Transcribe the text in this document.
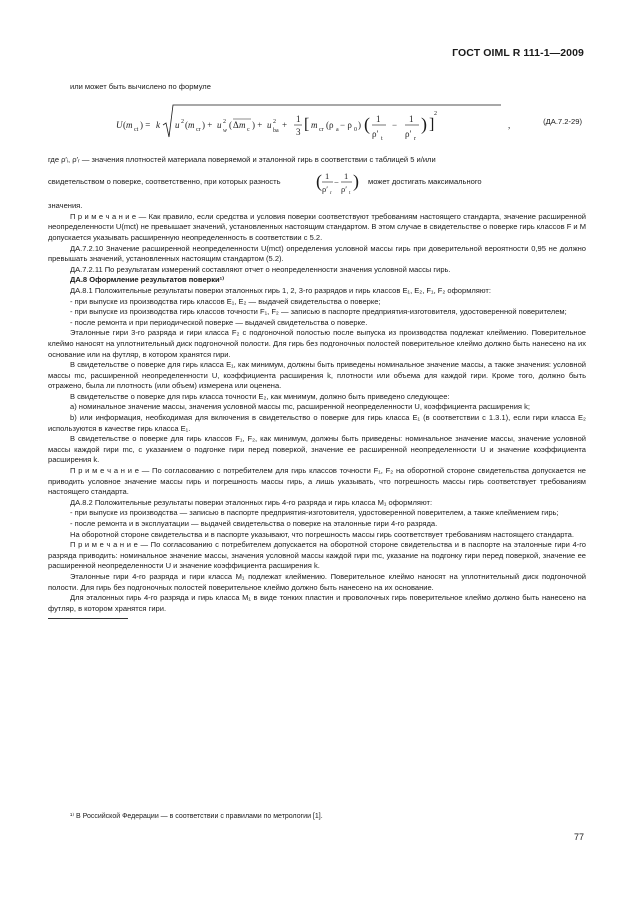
ГОСТ OIML R 111-1—2009

или может быть вычислено по формуле

U ( m ct ) = k u 2 ( m cr ) + u 2
w
( Δ m c ) + u 2
ba
+
1
3 [ m cr (ρ a − ρ 0 ) ( 1
ρ′ t
−
1
ρ′ r
) ]
2
,	(ДА.7.2-29)

где ρ′ᵢ, ρ′ᵣ — значения плотностей материала поверяемой и эталонной гирь в соответствии с таблицей 5 и/или

свидетельством о поверке, соответственно, при которых разность ( 1
ρ′ r
−
1
ρ′ t
) может достигать максимального

значения.

П р и м е ч а н и е — Как правило, если средства и условия поверки соответствуют требованиям настоящего стандарта, значение расширенной неопределенности U(mct) не превышает значений, установленных настоящим стандартом. В этом случае в свидетельстве о поверке гирь классов F и M допускается указывать расширенную неопределенность в соответствии с 5.2.

ДА.7.2.10 Значение расширенной неопределенности U(mct) определения условной массы гирь при доверительной вероятности 0,95 не должно превышать значений, установленных настоящим стандартом (5.2).

ДА.7.2.11 По результатам измерений составляют отчет о неопределенности значения условной массы гирь.

ДА.8 Оформление результатов поверки¹⁾

ДА.8.1 Положительные результаты поверки эталонных гирь 1, 2, 3-го разрядов и гирь классов E₁, E₂, F₁, F₂ оформляют:

- при выпуске из производства гирь классов E₁, E₂ — выдачей свидетельства о поверке;

- при выпуске из производства гирь классов точности F₁, F₂ — записью в паспорте предприятия-изготовителя, удостоверенной поверителем;

- после ремонта и при периодической поверке — выдачей свидетельства о поверке.

Эталонные гири 3-го разряда и гири класса F₂ с подгоночной полостью после выпуска из производства подлежат клеймению. Поверительное клеймо наносят на уплотнительный диск подгоночной полости. Для гирь без подгоночных полостей поверительное клеймо должно быть нанесено на их основание или на футляр, в котором хранятся гири.

В свидетельстве о поверке для гирь класса E₁, как минимум, должны быть приведены номинальное значение массы, а также значения: условной массы mc, расширенной неопределенности U, коэффициента расширения k, плотности или объема для каждой гири. Кроме того, должно быть отражено, была ли плотность (или объем) измерена или оценена.

В свидетельстве о поверке для гирь класса точности E₂, как минимум, должно быть приведено следующее:

а) номинальное значение массы, значения условной массы mc, расширенной неопределенности U, коэффициента расширения k;

b) или информация, необходимая для включения в свидетельство о поверке для гирь класса E₁ (в соответствии с 1.3.1), если гири класса E₂ используются в качестве гирь класса E₁.

В свидетельстве о поверке для гирь классов F₁, F₂, как минимум, должны быть приведены: номинальное значение массы, значение условной массы каждой гири mc, с указанием о подгонке гири перед поверкой, значение ее расширенной неопределенности U и значение коэффициента расширения k.

П р и м е ч а н и е — По согласованию с потребителем для гирь классов точности F₁, F₂ на оборотной стороне свидетельства допускается не приводить условное значение массы гирь и погрешность массы гирь, а лишь указывать, что погрешность массы гирь соответствует требованиям настоящего стандарта.

ДА.8.2 Положительные результаты поверки эталонных гирь 4-го разряда и гирь класса M₁ оформляют:

- при выпуске из производства — записью в паспорте предприятия-изготовителя, удостоверенной поверителем, а также клеймением гирь;

- после ремонта и в эксплуатации — выдачей свидетельства о поверке на эталонные гири 4-го разряда.

На оборотной стороне свидетельства и в паспорте указывают, что погрешность массы гирь соответствует требованиям настоящего стандарта.

П р и м е ч а н и е — По согласованию с потребителем допускается на оборотной стороне свидетельства и в паспорте на эталонные гири 4-го разряда приводить: номинальное значение массы, значения условной массы каждой гири mc, указание на подгонку гири перед поверкой, значение ее расширенной неопределенности U и значение коэффициента расширения k.

Эталонные гири 4-го разряда и гири класса M₁ подлежат клеймению. Поверительное клеймо наносят на уплотнительный диск подгоночной полости. Для гирь без подгоночных полостей поверительное клеймо должно быть нанесено на их основание.

Для эталонных гирь 4-го разряда и гирь класса M₁ в виде тонких пластин и проволочных гирь поверительное клеймо должно быть нанесено на футляр, в котором хранятся гири.

¹⁾ В Российской Федерации — в соответствии с правилами по метрологии [1].
77
